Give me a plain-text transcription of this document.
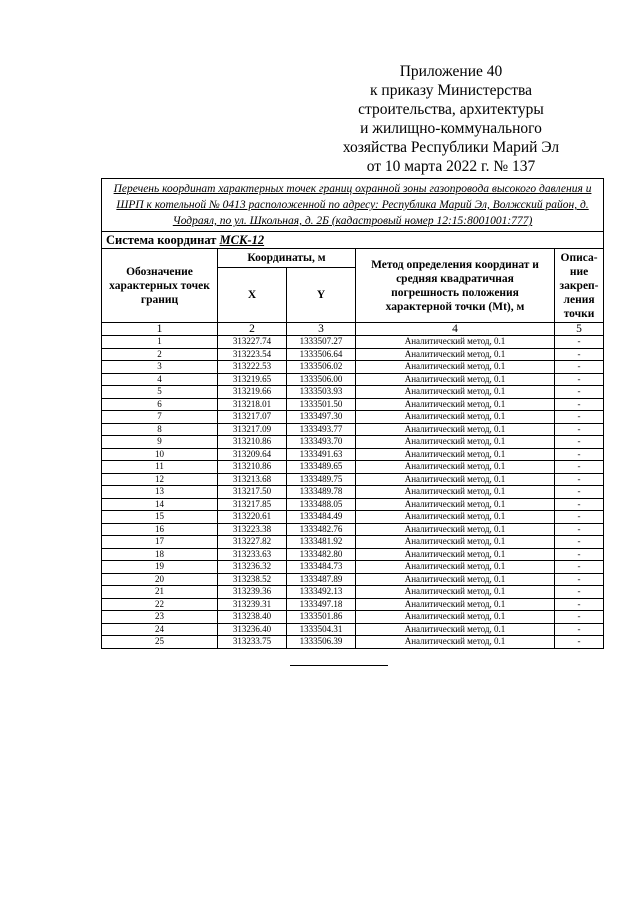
Приложение 40
к приказу Министерства
строительства, архитектуры
и жилищно-коммунального
хозяйства Республики Марий Эл
от 10 марта 2022 г. № 137
Перечень координат характерных точек границ охранной зоны газопровода высокого давления и ШРП к котельной № 0413 расположенной по адресу: Республика Марий Эл, Волжский район, д. Чодраял, по ул. Школьная, д. 2Б (кадастровый номер 12:15:8001001:777)				
Система координат МСК-12				
Обозначение характерных точек границ	Координаты, м		Метод определения координат и средняя квадратичная погрешность положения характерной точки (Mt), м	Описа-ние закреп-ления точки
	X	Y		
1	2	3	4	5
1	313227.74	1333507.27	Аналитический метод, 0.1	-
2	313223.54	1333506.64	Аналитический метод, 0.1	-
3	313222.53	1333506.02	Аналитический метод, 0.1	-
4	313219.65	1333506.00	Аналитический метод, 0.1	-
5	313219.66	1333503.93	Аналитический метод, 0.1	-
6	313218.01	1333501.50	Аналитический метод, 0.1	-
7	313217.07	1333497.30	Аналитический метод, 0.1	-
8	313217.09	1333493.77	Аналитический метод, 0.1	-
9	313210.86	1333493.70	Аналитический метод, 0.1	-
10	313209.64	1333491.63	Аналитический метод, 0.1	-
11	313210.86	1333489.65	Аналитический метод, 0.1	-
12	313213.68	1333489.75	Аналитический метод, 0.1	-
13	313217.50	1333489.78	Аналитический метод, 0.1	-
14	313217.85	1333488.05	Аналитический метод, 0.1	-
15	313220.61	1333484.49	Аналитический метод, 0.1	-
16	313223.38	1333482.76	Аналитический метод, 0.1	-
17	313227.82	1333481.92	Аналитический метод, 0.1	-
18	313233.63	1333482.80	Аналитический метод, 0.1	-
19	313236.32	1333484.73	Аналитический метод, 0.1	-
20	313238.52	1333487.89	Аналитический метод, 0.1	-
21	313239.36	1333492.13	Аналитический метод, 0.1	-
22	313239.31	1333497.18	Аналитический метод, 0.1	-
23	313238.40	1333501.86	Аналитический метод, 0.1	-
24	313236.40	1333504.31	Аналитический метод, 0.1	-
25	313233.75	1333506.39	Аналитический метод, 0.1	-
